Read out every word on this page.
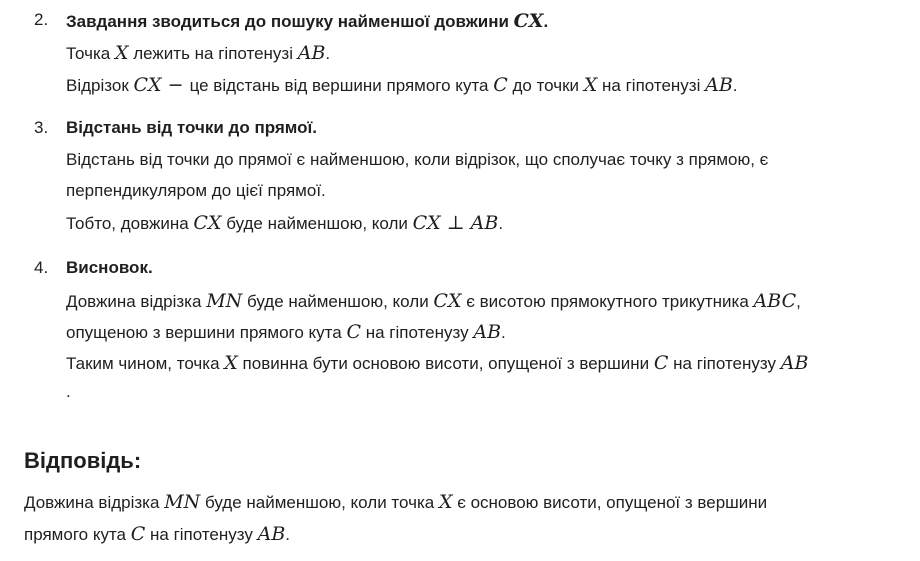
2. Завдання зводиться до пошуку найменшої довжини CX.
Точка X лежить на гіпотенузі AB.
Відрізок CX − це відстань від вершини прямого кута C до точки X на гіпотенузі AB.
3. Відстань від точки до прямої.
Відстань від точки до прямої є найменшою, коли відрізок, що сполучає точку з прямою, є
перпендикуляром до цієї прямої.
Тобто, довжина CX буде найменшою, коли CX ⊥ AB.
4. Висновок.
Довжина відрізка MN буде найменшою, коли CX є висотою прямокутного трикутника ABC,
опущеною з вершини прямого кута C на гіпотенузу AB.
Таким чином, точка X повинна бути основою висоти, опущеної з вершини C на гіпотенузу AB
.
Відповідь:
Довжина відрізка MN буде найменшою, коли точка X є основою висоти, опущеної з вершини
прямого кута C на гіпотенузу AB.
